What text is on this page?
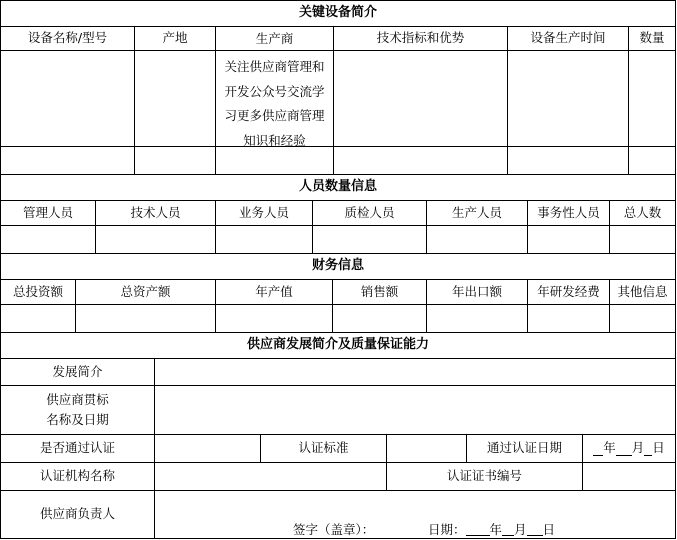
关键设备简介
设备名称/型号	产地	生产商	技术指标和优势	设备生产时间	数量
关注供应商管理和
开发公众号交流学
习更多供应商管理
知识和经验
人员数量信息
管理人员	技术人员	业务人员	质检人员	生产人员	事务性人员	总人数
财务信息
总投资额	总资产额	年产值	销售额	年出口额	年研发经费	其他信息
供应商发展简介及质量保证能力
发展简介
供应商贯标
名称及日期
是否通过认证	认证标准	通过认证日期	年 月 日
认证机构名称	认证证书编号
供应商负责人
签字（盖章）：	日期： 年 月 日
